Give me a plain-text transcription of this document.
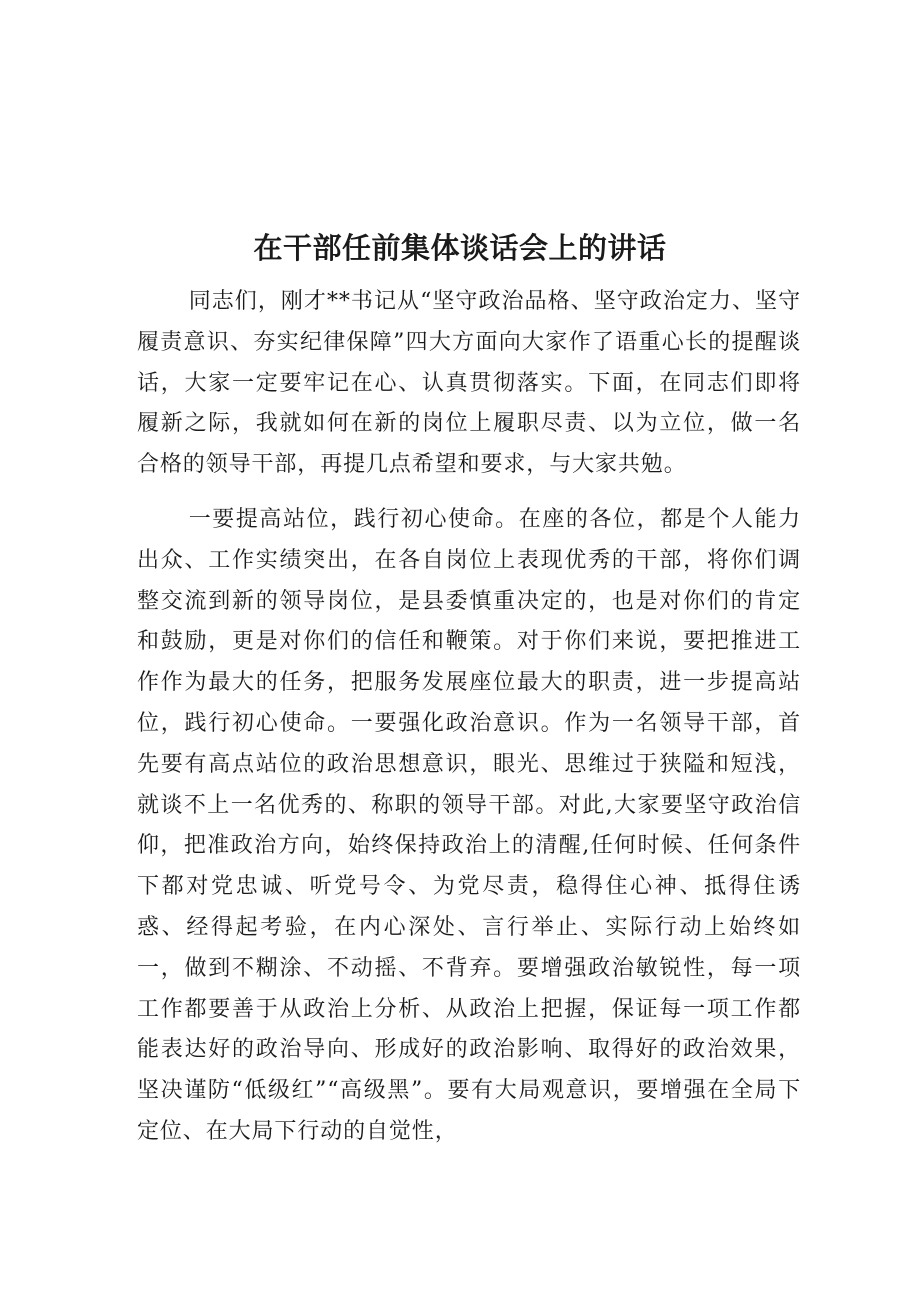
在干部任前集体谈话会上的讲话

同志们，刚才**书记从“坚守政治品格、坚守政治定力、坚守履责意识、夯实纪律保障”四大方面向大家作了语重心长的提醒谈话，大家一定要牢记在心、认真贯彻落实。下面，在同志们即将履新之际，我就如何在新的岗位上履职尽责、以为立位，做一名合格的领导干部，再提几点希望和要求，与大家共勉。

一要提高站位，践行初心使命。在座的各位，都是个人能力出众、工作实绩突出，在各自岗位上表现优秀的干部，将你们调整交流到新的领导岗位，是县委慎重决定的，也是对你们的肯定和鼓励，更是对你们的信任和鞭策。对于你们来说，要把推进工作作为最大的任务，把服务发展座位最大的职责，进一步提高站位，践行初心使命。一要强化政治意识。作为一名领导干部，首先要有高点站位的政治思想意识，眼光、思维过于狭隘和短浅，就谈不上一名优秀的、称职的领导干部。对此,大家要坚守政治信仰，把准政治方向，始终保持政治上的清醒,任何时候、任何条件下都对党忠诚、听党号令、为党尽责，稳得住心神、抵得住诱惑、经得起考验，在内心深处、言行举止、实际行动上始终如一，做到不糊涂、不动摇、不背弃。要增强政治敏锐性，每一项工作都要善于从政治上分析、从政治上把握，保证每一项工作都能表达好的政治导向、形成好的政治影响、取得好的政治效果，坚决谨防“低级红”“高级黑”。要有大局观意识，要增强在全局下定位、在大局下行动的自觉性，
